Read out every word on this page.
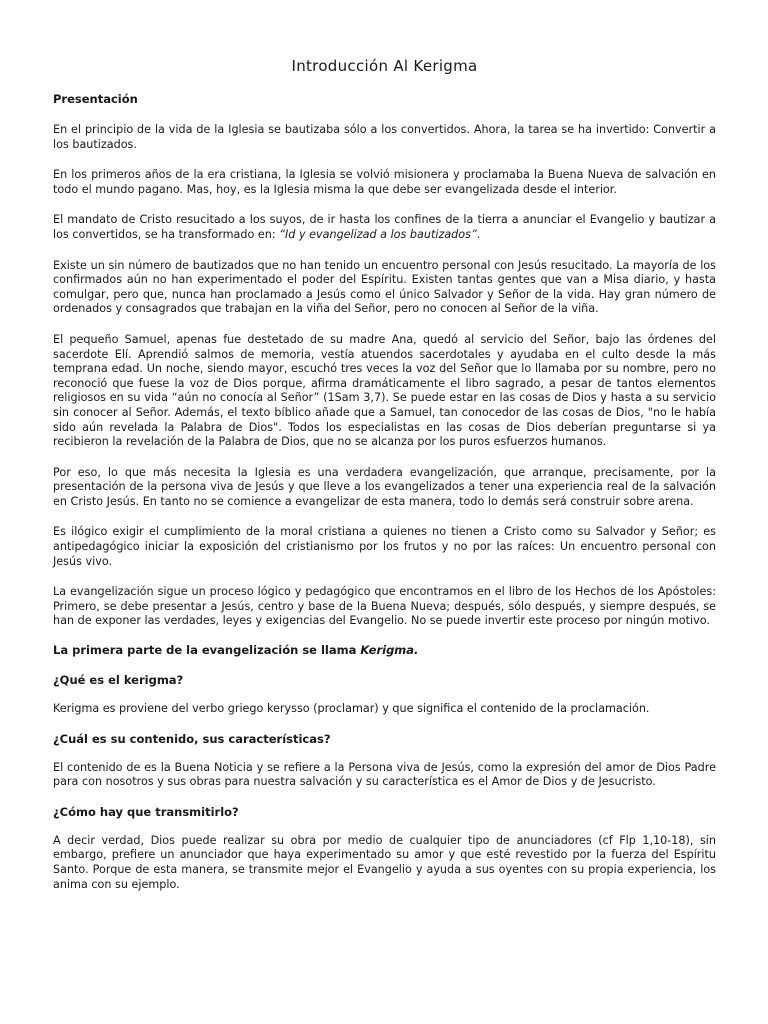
Introducción Al Kerigma
Presentación

En el principio de la vida de la Iglesia se bautizaba sólo a los convertidos. Ahora, la tarea se ha invertido: Convertir a los bautizados.

En los primeros años de la era cristiana, la Iglesia se volvió misionera y proclamaba la Buena Nueva de salvación en todo el mundo pagano. Mas, hoy, es la Iglesia misma la que debe ser evangelizada desde el interior.

El mandato de Cristo resucitado a los suyos, de ir hasta los confines de la tierra a anunciar el Evangelio y bautizar a los convertidos, se ha transformado en: “Id y evangelizad a los bautizados”.

Existe un sin número de bautizados que no han tenido un encuentro personal con Jesús resucitado. La mayoría de los confirmados aún no han experimentado el poder del Espíritu. Existen tantas gentes que van a Misa diario, y hasta comulgar, pero que, nunca han proclamado a Jesús como el único Salvador y Señor de la vida. Hay gran número de ordenados y consagrados que trabajan en la viña del Señor, pero no conocen al Señor de la viña.

El pequeño Samuel, apenas fue destetado de su madre Ana, quedó al servicio del Señor, bajo las órdenes del sacerdote Elí. Aprendió salmos de memoria, vestía atuendos sacerdotales y ayudaba en el culto desde la más temprana edad. Un noche, siendo mayor, escuchó tres veces la voz del Señor que lo llamaba por su nombre, pero no reconoció que fuese la voz de Dios porque, afirma dramáticamente el libro sagrado, a pesar de tantos elementos religiosos en su vida “aún no conocía al Señor” (1Sam 3,7). Se puede estar en las cosas de Dios y hasta a su servicio sin conocer al Señor. Además, el texto bíblico añade que a Samuel, tan conocedor de las cosas de Dios, "no le había sido aún revelada la Palabra de Dios". Todos los especialistas en las cosas de Dios deberían preguntarse si ya recibieron la revelación de la Palabra de Dios, que no se alcanza por los puros esfuerzos humanos.

Por eso, lo que más necesita la Iglesia es una verdadera evangelización, que arranque, precisamente, por la presentación de la persona viva de Jesús y que lleve a los evangelizados a tener una experiencia real de la salvación en Cristo Jesús. En tanto no se comience a evangelizar de esta manera, todo lo demás será construir sobre arena.

Es ilógico exigir el cumplimiento de la moral cristiana a quienes no tienen a Cristo como su Salvador y Señor; es antipedagógico iniciar la exposición del cristianismo por los frutos y no por las raíces: Un encuentro personal con Jesús vivo.

La evangelización sigue un proceso lógico y pedagógico que encontramos en el libro de los Hechos de los Apóstoles: Primero, se debe presentar a Jesús, centro y base de la Buena Nueva; después, sólo después, y siempre después, se han de exponer las verdades, leyes y exigencias del Evangelio. No se puede invertir este proceso por ningún motivo.

La primera parte de la evangelización se llama Kerigma.
¿Qué es el kerigma?

Kerigma es proviene del verbo griego kerysso (proclamar) y que significa el contenido de la proclamación.

¿Cuál es su contenido, sus características?

El contenido de es la Buena Noticia y se refiere a la Persona viva de Jesús, como la expresión del amor de Dios Padre para con nosotros y sus obras para nuestra salvación y su característica es el Amor de Dios y de Jesucristo.

¿Cómo hay que transmitirlo?

A decir verdad, Dios puede realizar su obra por medio de cualquier tipo de anunciadores (cf Flp 1,10-18), sin embargo, prefiere un anunciador que haya experimentado su amor y que esté revestido por la fuerza del Espíritu Santo. Porque de esta manera, se transmite mejor el Evangelio y ayuda a sus oyentes con su propia experiencia, los anima con su ejemplo.
